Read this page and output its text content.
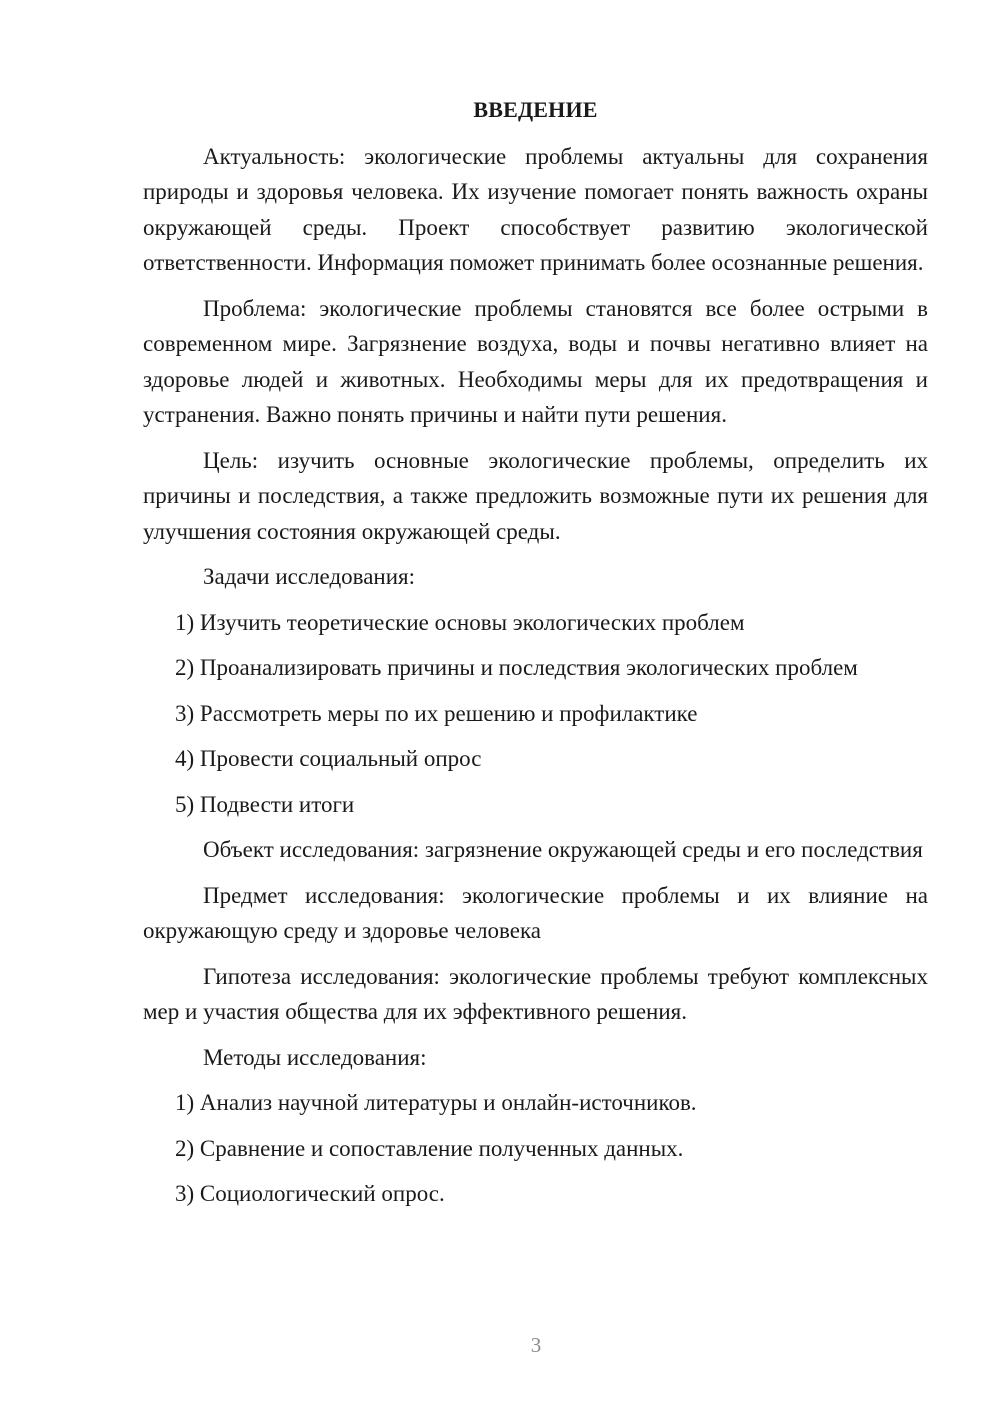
ВВЕДЕНИЕ

Актуальность: экологические проблемы актуальны для сохранения природы и здоровья человека. Их изучение помогает понять важность охраны окружающей среды. Проект способствует развитию экологической ответственности. Информация поможет принимать более осознанные решения.

Проблема: экологические проблемы становятся все более острыми в современном мире. Загрязнение воздуха, воды и почвы негативно влияет на здоровье людей и животных. Необходимы меры для их предотвращения и устранения. Важно понять причины и найти пути решения.

Цель: изучить основные экологические проблемы, определить их причины и последствия, а также предложить возможные пути их решения для улучшения состояния окружающей среды.

Задачи исследования:

1) Изучить теоретические основы экологических проблем
2) Проанализировать причины и последствия экологических проблем
3) Рассмотреть меры по их решению и профилактике
4) Провести социальный опрос
5) Подвести итоги

Объект исследования: загрязнение окружающей среды и его последствия

Предмет исследования: экологические проблемы и их влияние на окружающую среду и здоровье человека

Гипотеза исследования: экологические проблемы требуют комплексных мер и участия общества для их эффективного решения.

Методы исследования:

1) Анализ научной литературы и онлайн-источников.
2) Сравнение и сопоставление полученных данных.
3) Социологический опрос.
3
